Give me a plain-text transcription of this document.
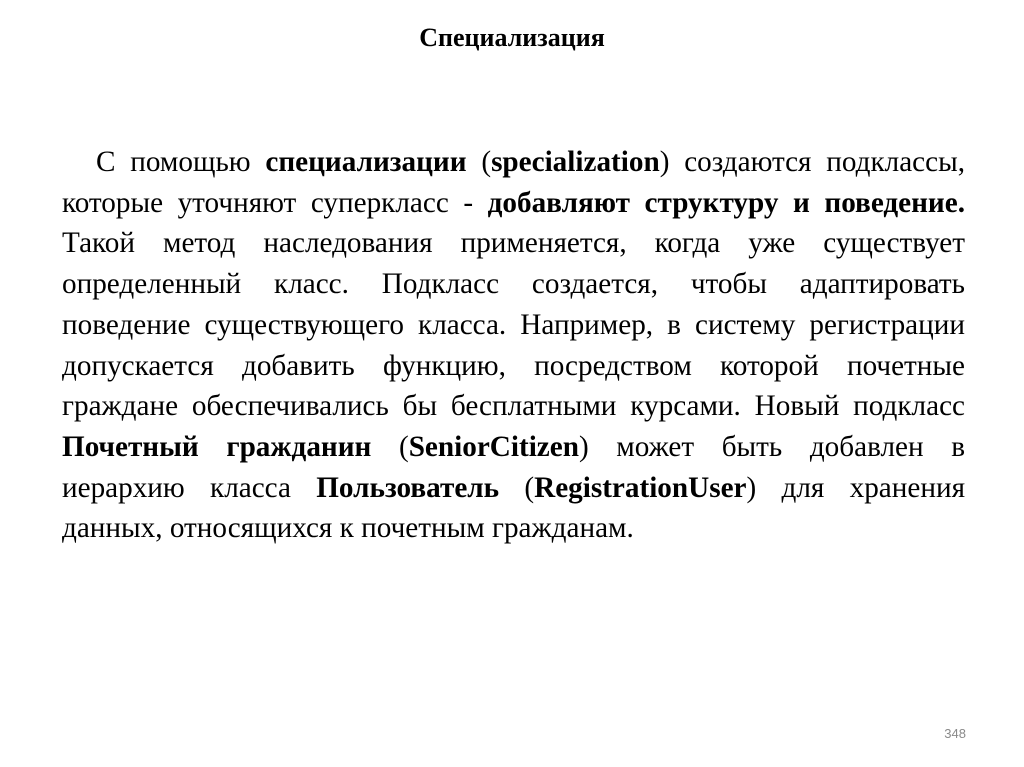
Специализация

С помощью специализации (specialization) создаются подклассы, которые уточняют суперкласс - добавляют структуру и поведение. Такой метод наследования применяется, когда уже существует определенный класс. Подкласс создается, чтобы адаптировать поведение существующего класса. Например, в систему регистрации допускается добавить функцию, посредством которой почетные граждане обеспечивались бы бесплатными курсами. Новый подкласс Почетный гражданин (SeniorCitizen) может быть добавлен в иерархию класса Пользователь (RegistrationUser) для хранения данных, относящихся к почетным гражданам.

348
